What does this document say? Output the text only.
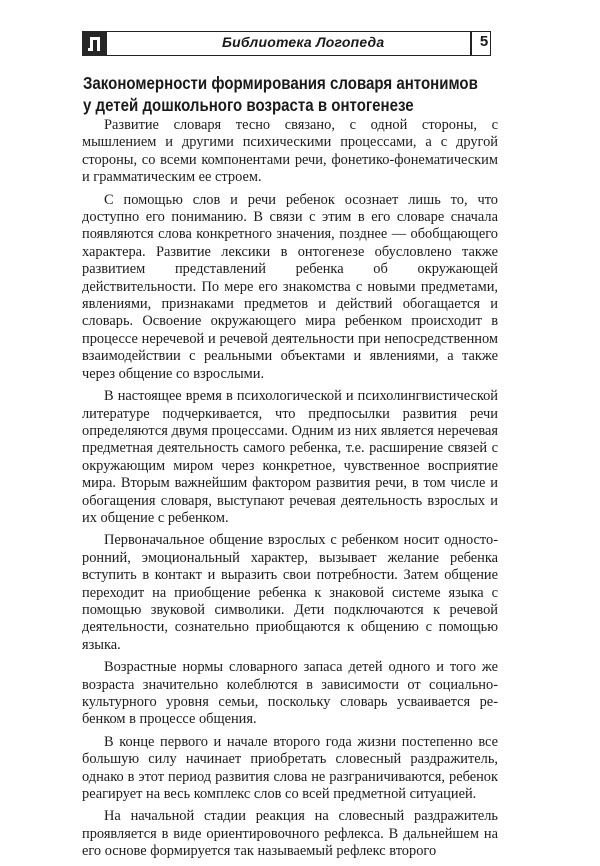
Библиотека Логопеда	5
Закономерности формирования словаря антонимов
у детей дошкольного возраста в онтогенезе

Развитие словаря тесно связано, с одной стороны, с мышлением и другими психическими процессами, а с другой стороны, со всеми компонентами речи, фонетико-фонематическим и грамматическим ее строем.

С помощью слов и речи ребенок осознает лишь то, что доступно его пониманию. В связи с этим в его словаре сначала появляются слова конкретного значения, позднее — обобщающего характера. Развитие лексики в онтогенезе обусловлено также развитием представлений ребенка об окружающей действительности. По мере его знакомства с новыми предметами, явлениями, признаками предметов и действий обогащается и словарь. Освоение окружающего мира ребенком происходит в процессе неречевой и речевой деятельности при непосредственном взаимодействии с реальными объектами и явлениями, а также через общение со взрослыми.

В настоящее время в психологической и психолингвистической литературе подчеркивается, что предпосылки развития речи определяются двумя процессами. Одним из них является неречевая предметная деятельность самого ребенка, т.е. расширение связей с окружающим миром через конкретное, чувственное восприятие мира. Вторым важнейшим фактором развития речи, в том числе и обогащения словаря, выступают речевая деятельность взрослых и их общение с ребенком.

Первоначальное общение взрослых с ребенком носит односторонний, эмоциональный характер, вызывает желание ребенка вступить в контакт и выразить свои потребности. Затем общение переходит на приобщение ребенка к знаковой системе языка с помощью звуковой символики. Дети подключаются к речевой деятельности, сознательно приобщаются к общению с помощью языка.

Возрастные нормы словарного запаса детей одного и того же возраста значительно колеблются в зависимости от социально-культурного уровня семьи, поскольку словарь усваивается ребенком в процессе общения.

В конце первого и начале второго года жизни постепенно все большую силу начинает приобретать словесный раздражитель, однако в этот период развития слова не разграничиваются, ребенок реагирует на весь комплекс слов со всей предметной ситуацией.

На начальной стадии реакция на словесный раздражитель проявляется в виде ориентировочного рефлекса. В дальнейшем на его основе формируется так называемый рефлекс второго
